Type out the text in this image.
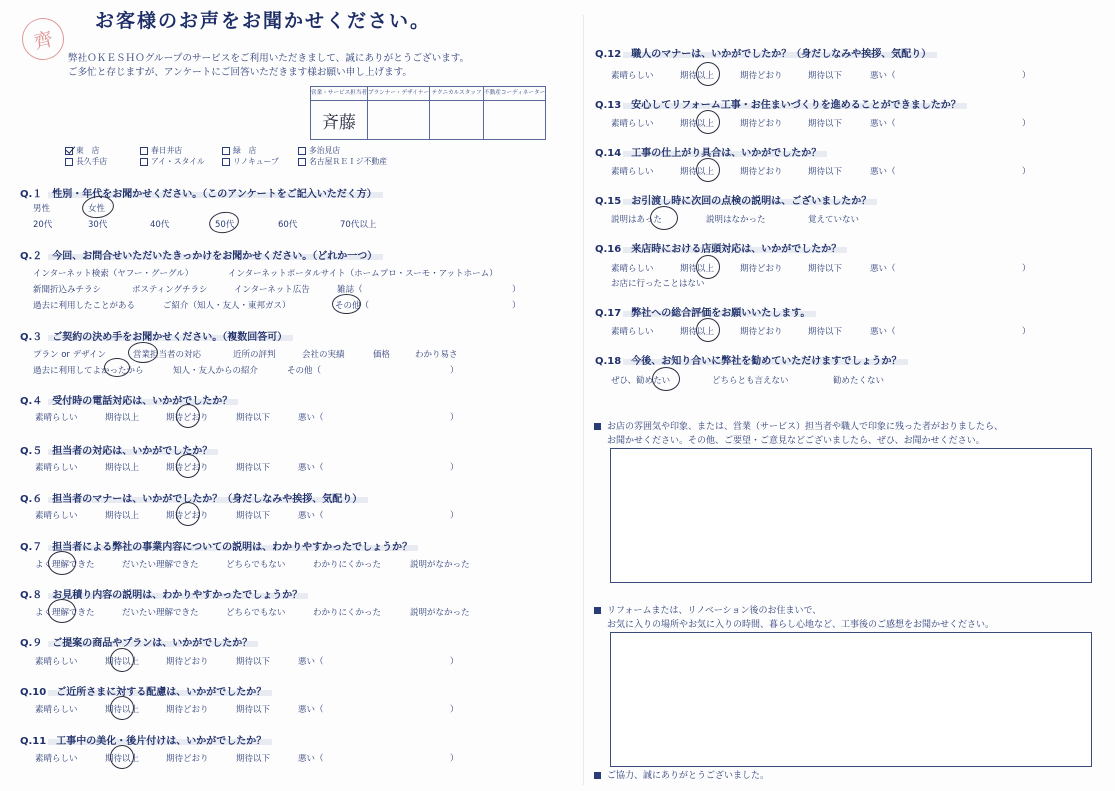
齊
お客様のお声をお聞かせください。
弊社ＯＫＥＳＨＯグループのサービスをご利用いただきまして、誠にありがとうございます。
ご多忙と存じますが、アンケートにご回答いただきます様お願い申し上げます。
営業・サービス担当者	プランナー・デザイナー	テクニカルスタッフ	不動産コーディネーター
斉藤			
東　店	春日井店	緑　店	多治見店
長久手店	アイ・スタイル	リノキューブ	名古屋ＲＥＩジ不動産
Q.１　性別・年代をお聞かせください。（このアンケートをご記入いただく方）
男性	女性
20代	30代	40代	50代	60代	70代以上
Q.２　今回、お問合せいただいたきっかけをお聞かせください。（どれか一つ）
インターネット検索（ヤフー・グーグル）	インターネットポータルサイト（ホームプロ・スーモ・アットホーム）
新聞折込みチラシ	ポスティングチラシ	インターネット広告	雑誌（	）
過去に利用したことがある	ご紹介（知人・友人・東邦ガス）	その他（	）
Q.３　ご契約の決め手をお聞かせください。（複数回答可）
プラン or デザイン	営業担当者の対応	近所の評判	会社の実績	価格	わかり易さ
過去に利用してよかったから	知人・友人からの紹介	その他（	）
Q.４　受付時の電話対応は、いかがでしたか？
素晴らしい	期待以上	期待どおり	期待以下	悪い（	）
Q.５　担当者の対応は、いかがでしたか？
素晴らしい	期待以上	期待どおり	期待以下	悪い（	）
Q.６　担当者のマナーは、いかがでしたか？（身だしなみや挨拶、気配り）
素晴らしい	期待以上	期待どおり	期待以下	悪い（	）
Q.７　担当者による弊社の事業内容についての説明は、わかりやすかったでしょうか？
よく理解できた	だいたい理解できた	どちらでもない	わかりにくかった	説明がなかった
Q.８　お見積り内容の説明は、わかりやすかったでしょうか？
よく理解できた	だいたい理解できた	どちらでもない	わかりにくかった	説明がなかった
Q.９　ご提案の商品やプランは、いかがでしたか？
素晴らしい	期待以上	期待どおり	期待以下	悪い（	）
Q.10　ご近所さまに対する配慮は、いかがでしたか？
素晴らしい	期待以上	期待どおり	期待以下	悪い（	）
Q.11　工事中の美化・後片付けは、いかがでしたか？
素晴らしい	期待以上	期待どおり	期待以下	悪い（	）
Q.12　職人のマナーは、いかがでしたか？（身だしなみや挨拶、気配り）
素晴らしい	期待以上	期待どおり	期待以下	悪い（	）
Q.13　安心してリフォーム工事・お住まいづくりを進めることができましたか？
素晴らしい	期待以上	期待どおり	期待以下	悪い（	）
Q.14　工事の仕上がり具合は、いかがでしたか？
素晴らしい	期待以上	期待どおり	期待以下	悪い（	）
Q.15　お引渡し時に次回の点検の説明は、ございましたか？
説明はあった	説明はなかった	覚えていない
Q.16　来店時における店頭対応は、いかがでしたか？
素晴らしい	期待以上	期待どおり	期待以下	悪い（	）
お店に行ったことはない
Q.17　弊社への総合評価をお願いいたします。
素晴らしい	期待以上	期待どおり	期待以下	悪い（	）
Q.18　今後、お知り合いに弊社を勧めていただけますでしょうか？
ぜひ、勧めたい	どちらとも言えない	勧めたくない
お店の雰囲気や印象、または、営業（サービス）担当者や職人で印象に残った者がおりましたら、
お聞かせください。その他、ご要望・ご意見などございましたら、ぜひ、お聞かせください。
リフォームまたは、リノベーション後のお住まいで、
お気に入りの場所やお気に入りの時間、暮らし心地など、工事後のご感想をお聞かせください。
ご協力、誠にありがとうございました。
